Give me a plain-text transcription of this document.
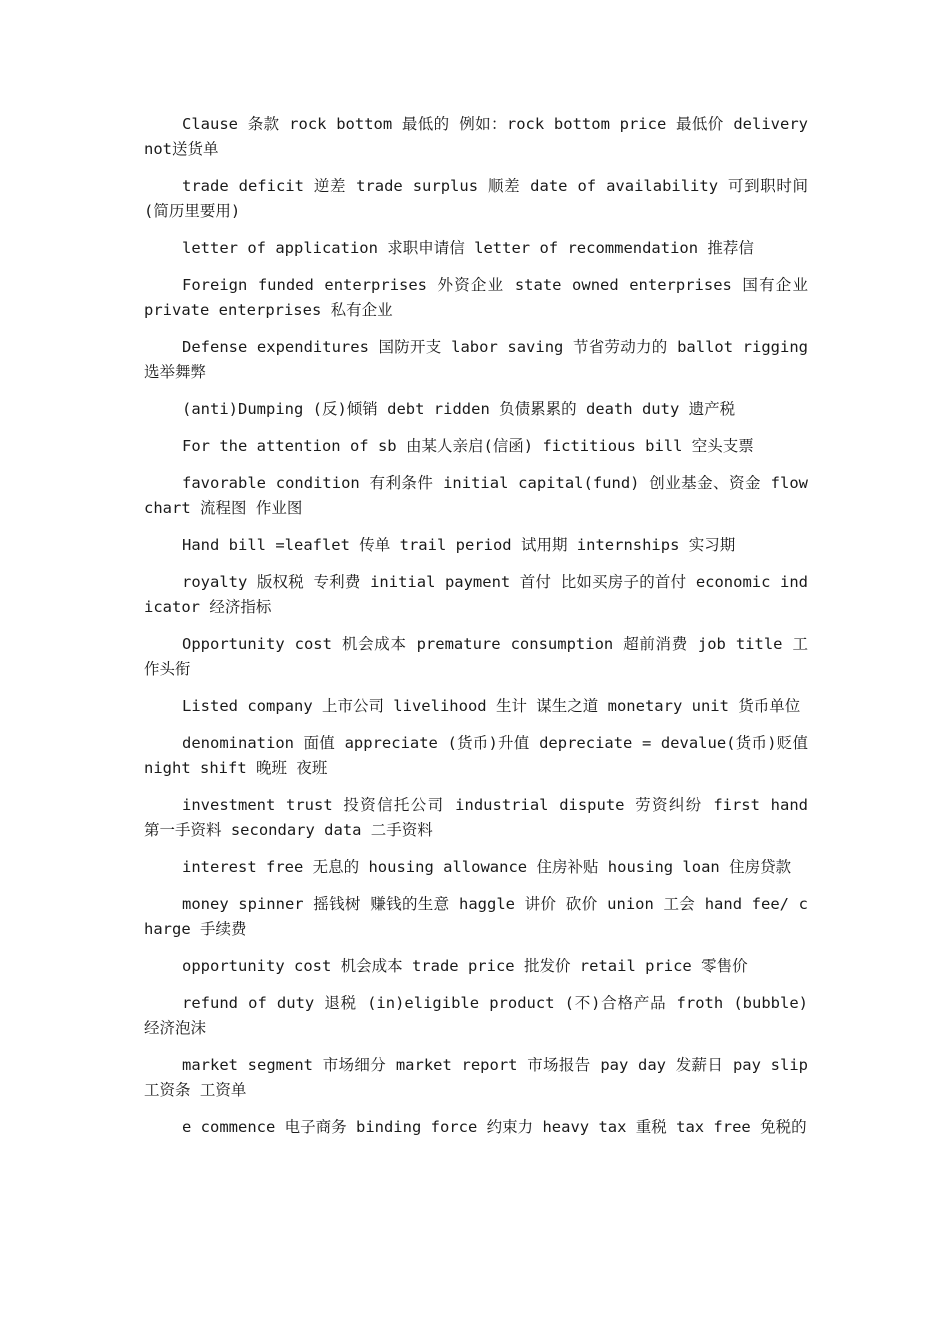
Clause 条款 rock bottom 最低的 例如：rock bottom price 最低价 delivery not送货单

trade deficit 逆差 trade surplus 顺差 date of availability 可到职时间(简历里要用)

letter of application 求职申请信 letter of recommendation 推荐信

Foreign funded enterprises 外资企业 state owned enterprises 国有企业 private enterprises 私有企业

Defense expenditures 国防开支 labor saving 节省劳动力的 ballot rigging 选举舞弊

(anti)Dumping (反)倾销 debt ridden 负债累累的 death duty 遗产税

For the attention of sb 由某人亲启(信函) fictitious bill 空头支票

favorable condition 有利条件 initial capital(fund) 创业基金、资金 flow chart 流程图 作业图

Hand bill =leaflet 传单 trail period 试用期 internships 实习期

royalty 版权税 专利费 initial payment 首付 比如买房子的首付 economic indicator 经济指标

Opportunity cost 机会成本 premature consumption 超前消费 job title 工作头衔

Listed company 上市公司 livelihood 生计 谋生之道 monetary unit 货币单位

denomination 面值 appreciate (货币)升值 depreciate = devalue(货币)贬值 night shift 晚班 夜班

investment trust 投资信托公司 industrial dispute 劳资纠纷 first hand 第一手资料 secondary data 二手资料

interest free 无息的 housing allowance 住房补贴 housing loan 住房贷款

money spinner 摇钱树 赚钱的生意 haggle 讲价 砍价 union 工会 hand fee/ charge 手续费

opportunity cost 机会成本 trade price 批发价 retail price 零售价

refund of duty 退税 (in)eligible product (不)合格产品 froth (bubble) 经济泡沫

market segment 市场细分 market report 市场报告 pay day 发薪日 pay slip 工资条 工资单

e commence 电子商务 binding force 约束力 heavy tax 重税 tax free 免税的
